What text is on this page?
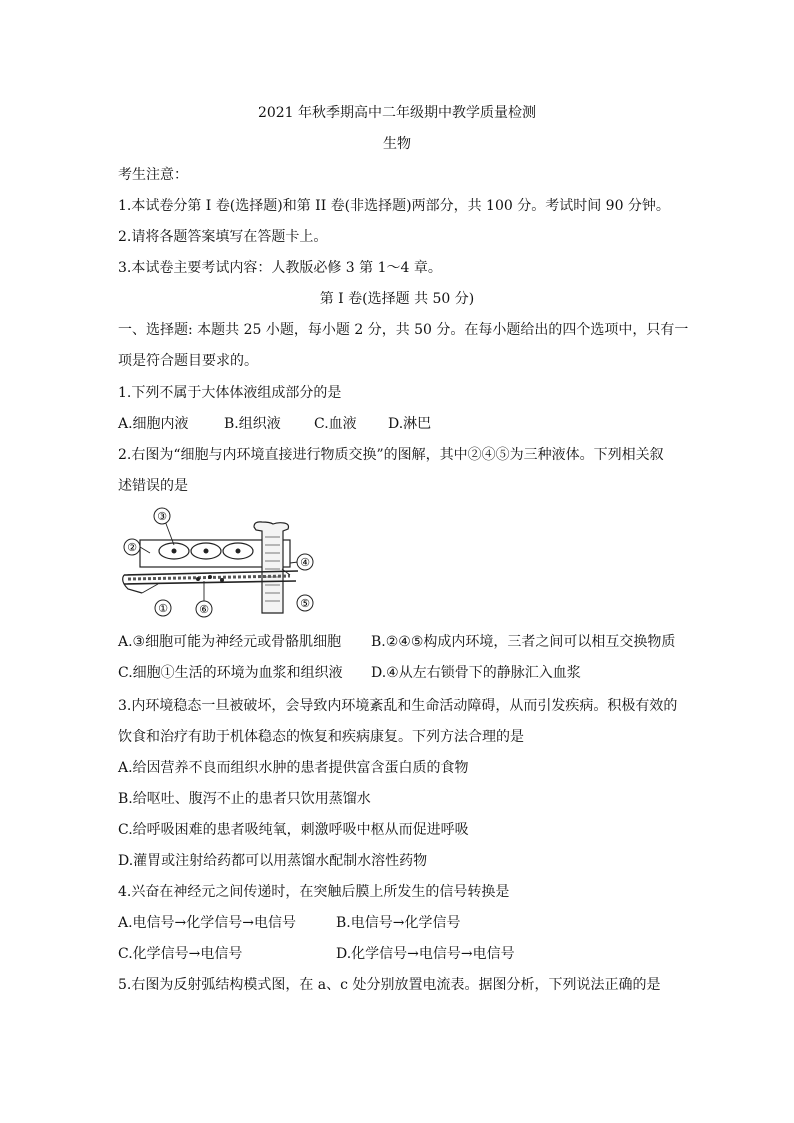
2021 年秋季期高中二年级期中教学质量检测
生物
考生注意：
1.本试卷分第 I 卷(选择题)和第 II 卷(非选择题)两部分，共 100 分。考试时间 90 分钟。
2.请将各题答案填写在答题卡上。
3.本试卷主要考试内容：人教版必修 3 第 1～4 章。
第 I 卷(选择题 共 50 分)
一、选择题: 本题共 25 小题，每小题 2 分，共 50 分。在每小题给出的四个选项中，只有一
项是符合题目要求的。
1.下列不属于大体体液组成部分的是
A.细胞内液	B.组织液 C.血液 D.淋巴
2.右图为“细胞与内环境直接进行物质交换”的图解，其中②④⑤为三种液体。下列相关叙
述错误的是
③
②
④
⑤
①	⑥
A.③细胞可能为神经元或骨骼肌细胞 B.②④⑤构成内环境，三者之间可以相互交换物质
C.细胞①生活的环境为血浆和组织液 D.④从左右锁骨下的静脉汇入血浆
3.内环境稳态一旦被破坏，会导致内环境紊乱和生命活动障碍，从而引发疾病。积极有效的
饮食和治疗有助于机体稳态的恢复和疾病康复。下列方法合理的是
A.给因营养不良而组织水肿的患者提供富含蛋白质的食物
B.给呕吐、腹泻不止的患者只饮用蒸馏水
C.给呼吸困难的患者吸纯氧，刺激呼吸中枢从而促进呼吸
D.灌胃或注射给药都可以用蒸馏水配制水溶性药物
4.兴奋在神经元之间传递时，在突触后膜上所发生的信号转换是
A.电信号→化学信号→电信号	B.电信号→化学信号
C.化学信号→电信号	D.化学信号→电信号→电信号
5.右图为反射弧结构模式图，在 a、c 处分别放置电流表。据图分析，下列说法正确的是
